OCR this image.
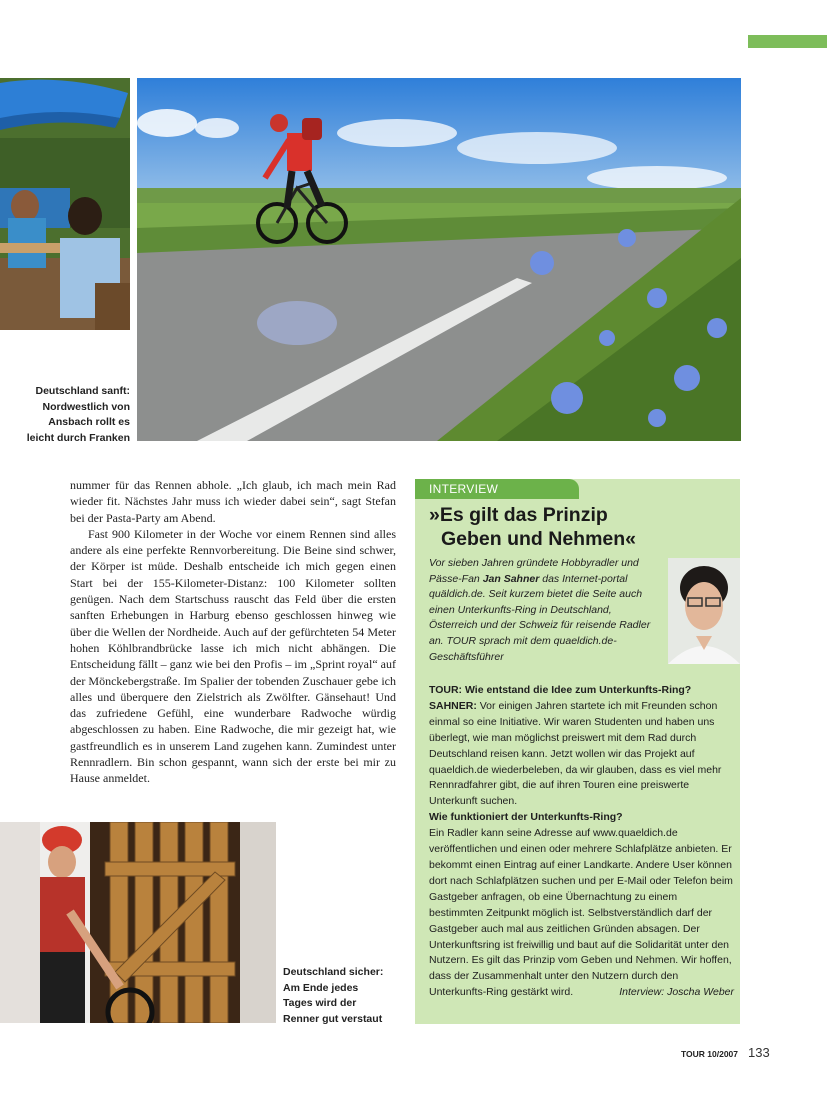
Deutschland sanft:
Nordwestlich von
Ansbach rollt es
leicht durch Franken

nummer für das Rennen abhole. „Ich glaub, ich mach mein Rad wieder fit. Nächstes Jahr muss ich wieder dabei sein“, sagt Stefan bei der Pasta-Party am Abend.

Fast 900 Kilometer in der Woche vor einem Rennen sind alles andere als eine perfekte Rennvorbereitung. Die Beine sind schwer, der Körper ist müde. Deshalb entscheide ich mich gegen einen Start bei der 155-Kilometer-Distanz: 100 Kilometer sollten genügen. Nach dem Startschuss rauscht das Feld über die ersten sanften Erhebungen in Harburg ebenso geschlossen hinweg wie über die Wellen der Nordheide. Auch auf der gefürchteten 54 Meter hohen Köhlbrandbrücke lasse ich mich nicht abhängen. Die Entscheidung fällt – ganz wie bei den Profis – im „Sprint royal“ auf der Mönckebergstraße. Im Spalier der tobenden Zuschauer gebe ich alles und überquere den Zielstrich als Zwölfter. Gänsehaut! Und das zufriedene Gefühl, eine wunderbare Radwoche würdig abgeschlossen zu haben. Eine Radwoche, die mir gezeigt hat, wie gastfreundlich es in unserem Land zugehen kann. Zumindest unter Rennradlern. Bin schon gespannt, wann sich der erste bei mir zu Hause anmeldet.

Deutschland sicher:
Am Ende jedes
Tages wird der
Renner gut verstaut
INTERVIEW
»Es gilt das Prinzip
Geben und Nehmen«
Vor sieben Jahren gründete Hobbyradler und Pässe-Fan Jan Sahner das Internet-portal quäldich.de. Seit kurzem bietet die Seite auch einen Unterkunfts-Ring in Deutschland, Österreich und der Schweiz für reisende Radler an. TOUR sprach mit dem quaeldich.de-Geschäftsführer

TOUR: Wie entstand die Idee zum Unterkunfts-Ring?

SAHNER: Vor einigen Jahren startete ich mit Freunden schon einmal so eine Initiative. Wir waren Studenten und haben uns überlegt, wie man möglichst preiswert mit dem Rad durch Deutschland reisen kann. Jetzt wollen wir das Projekt auf quaeldich.de wiederbeleben, da wir glauben, dass es viel mehr Rennradfahrer gibt, die auf ihren Touren eine preiswerte Unterkunft suchen.

Wie funktioniert der Unterkunfts-Ring?

Ein Radler kann seine Adresse auf www.quaeldich.de veröffentlichen und einen oder mehrere Schlafplätze anbieten. Er bekommt einen Eintrag auf einer Landkarte. Andere User können dort nach Schlafplätzen suchen und per E-Mail oder Telefon beim Gastgeber anfragen, ob eine Übernachtung zu einem bestimmten Zeitpunkt möglich ist. Selbstverständlich darf der Gastgeber auch mal aus zeitlichen Gründen absagen. Der Unterkunftsring ist freiwillig und baut auf die Solidarität unter den Nutzern. Es gilt das Prinzip vom Geben und Nehmen. Wir hoffen, dass der Zusammenhalt unter den Nutzern durch den Unterkunfts-Ring gestärkt wird.	Interview: Joscha Weber

TOUR 10/2007 133
